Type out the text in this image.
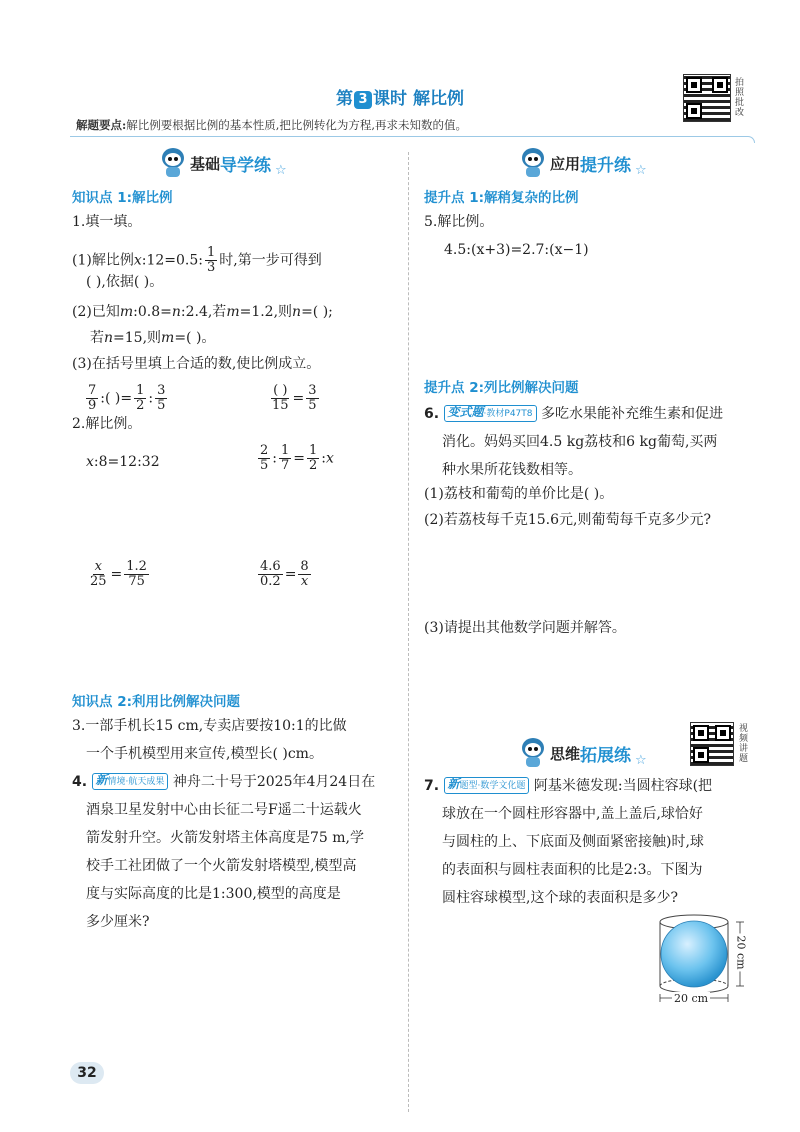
第 3 课时 解比例
拍
照
批
改
解题要点:解比例要根据比例的基本性质,把比例转化为方程,再求未知数的值。
基础 导学练 ☆
知识点 1:解比例
1.填一填。
(1)解比例x:12=0.5: $\frac{1}{3}$ 时,第一步可得到
( ),依据( )。
(2)已知m:0.8=n:2.4,若m=1.2,则n=( );
若n=15,则m=( )。
(3)在括号里填上合适的数,使比例成立。
$\frac{7}{9}$ :( )= $\frac{1}{2}$ : $\frac{3}{5}$	$\frac{( )}{15} = \frac{3}{5}$
2.解比例。
x:8=12:32	$\frac{2}{5}$ : $\frac{1}{7} = \frac{1}{2}$ :x
$\frac{x}{25} = \frac{1.2}{75}$	$\frac{4.6}{0.2} = \frac{8}{x}$
知识点 2:利用比例解决问题
3.一部手机长15 cm,专卖店要按10:1的比做
一个手机模型用来宣传,模型长( )cm。
4. 新情境·航天成果 神舟二十号于2025年4月24日在
酒泉卫星发射中心由长征二号F遥二十运载火
箭发射升空。火箭发射塔主体高度是75 m,学
校手工社团做了一个火箭发射塔模型,模型高
度与实际高度的比是1:300,模型的高度是
多少厘米?
32
应用 提升练 ☆
提升点 1:解稍复杂的比例
5.解比例。
4.5:(x+3)=2.7:(x−1)
提升点 2:列比例解决问题
6. 变式题·教材P47T8 多吃水果能补充维生素和促进
消化。妈妈买回4.5 kg荔枝和6 kg葡萄,买两
种水果所花钱数相等。
(1)荔枝和葡萄的单价比是( )。
(2)若荔枝每千克15.6元,则葡萄每千克多少元?
(3)请提出其他数学问题并解答。
视
频
讲
题
思维 拓展练 ☆
7. 新题型·数学文化题 阿基米德发现:当圆柱容球(把
球放在一个圆柱形容器中,盖上盖后,球恰好
与圆柱的上、下底面及侧面紧密接触)时,球
的表面积与圆柱表面积的比是2:3。下图为
圆柱容球模型,这个球的表面积是多少?
20 cm
20 cm
